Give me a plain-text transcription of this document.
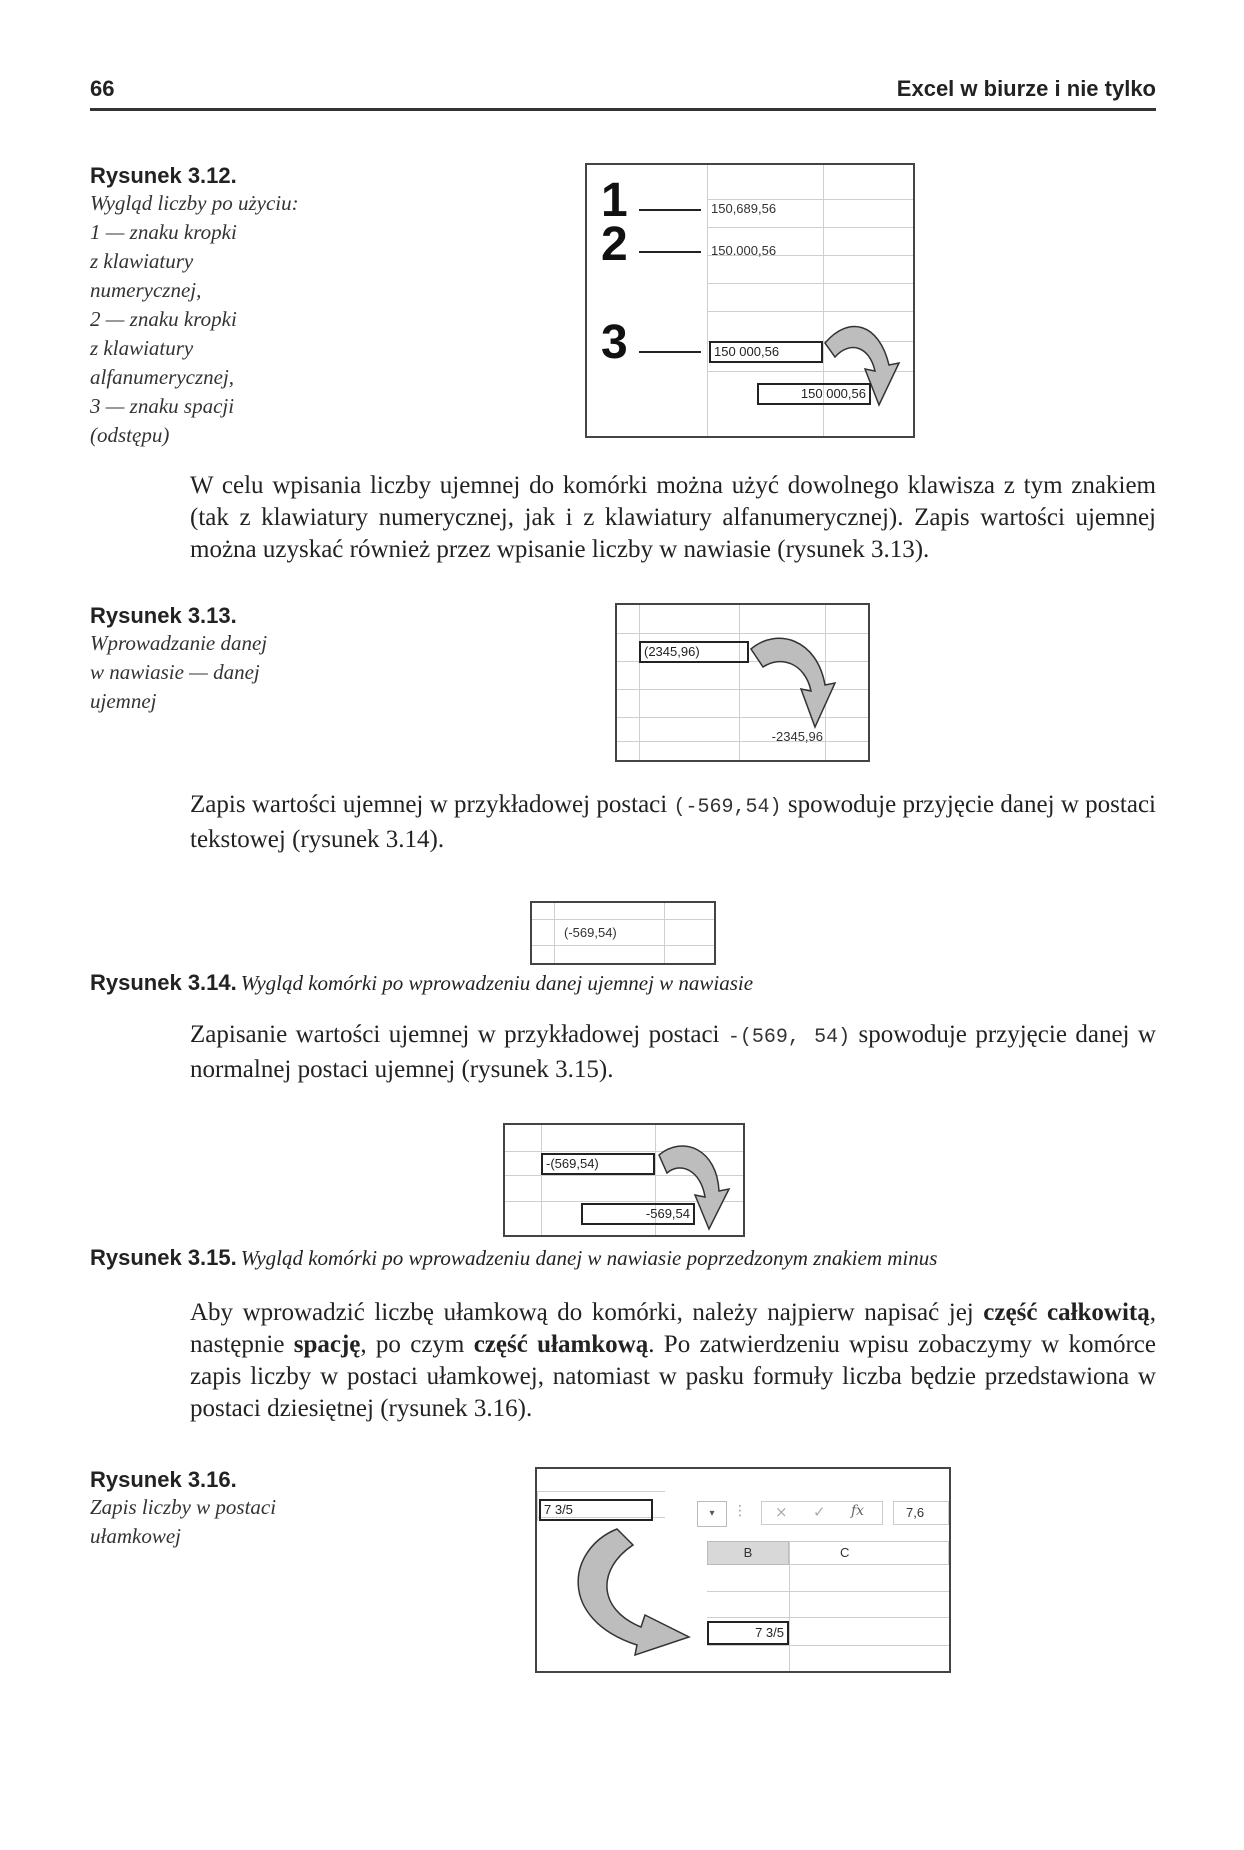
66	Excel w biurze i nie tylko
Rysunek 3.12.
Wygląd liczby po użyciu:
1 — znaku kropki
z klawiatury
numerycznej,
2 — znaku kropki
z klawiatury
alfanumerycznej,
3 — znaku spacji
(odstępu)
1	150,689,56
2	150.000,56
3	150 000,56
150 000,56
W celu wpisania liczby ujemnej do komórki można użyć dowolnego klawisza z tym znakiem (tak z klawiatury numerycznej, jak i z klawiatury alfanumerycznej). Zapis wartości ujemnej można uzyskać również przez wpisanie liczby w nawiasie (rysunek 3.13).
Rysunek 3.13.
Wprowadzanie danej
w nawiasie — danej
ujemnej
(2345,96)
-2345,96
Zapis wartości ujemnej w przykładowej postaci (-569,54) spowoduje przyjęcie danej w postaci tekstowej (rysunek 3.14).
(-569,54)
Rysunek 3.14. Wygląd komórki po wprowadzeniu danej ujemnej w nawiasie
Zapisanie wartości ujemnej w przykładowej postaci -(569, 54) spowoduje przyjęcie danej w normalnej postaci ujemnej (rysunek 3.15).
-(569,54)
-569,54
Rysunek 3.15. Wygląd komórki po wprowadzeniu danej w nawiasie poprzedzonym znakiem minus
Aby wprowadzić liczbę ułamkową do komórki, należy najpierw napisać jej część całkowitą, następnie spację, po czym część ułamkową. Po zatwierdzeniu wpisu zobaczymy w komórce zapis liczby w postaci ułamkowej, natomiast w pasku formuły liczba będzie przedstawiona w postaci dziesiętnej (rysunek 3.16).
Rysunek 3.16.
Zapis liczby w postaci
ułamkowej
7 3/5	▾	⋮ × ✓ fx	7,6
B	C
7 3/5
